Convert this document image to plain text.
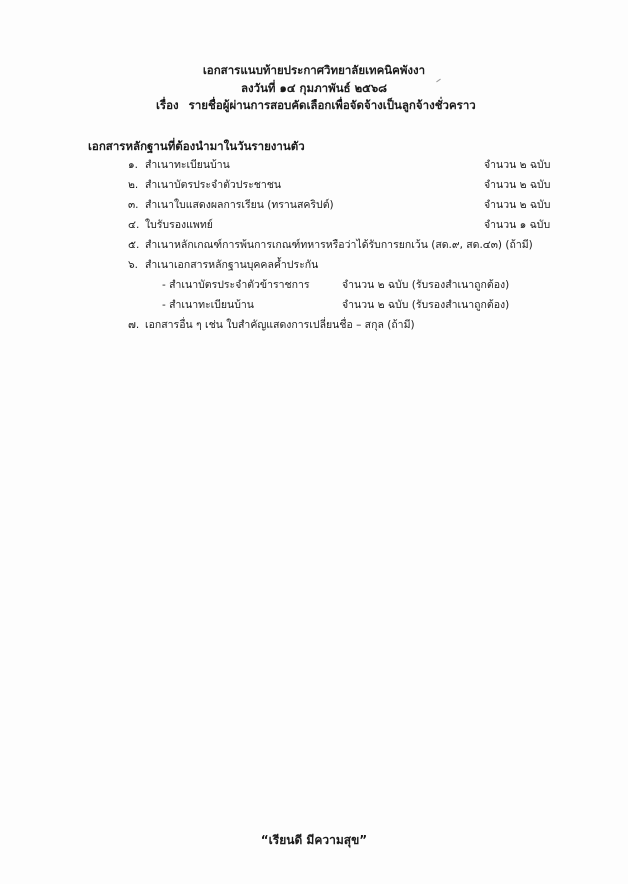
เอกสารแนบท้ายประกาศวิทยาลัยเทคนิคพังงา
ลงวันที่ ๑๔ กุมภาพันธ์ ๒๕๖๘
เรื่อง รายชื่อผู้ผ่านการสอบคัดเลือกเพื่อจัดจ้างเป็นลูกจ้างชั่วคราว
เอกสารหลักฐานที่ต้องนำมาในวันรายงานตัว
๑. สำเนาทะเบียนบ้าน	จำนวน ๒ ฉบับ
๒. สำเนาบัตรประจำตัวประชาชน	จำนวน ๒ ฉบับ
๓. สำเนาใบแสดงผลการเรียน (ทรานสคริปต์)	จำนวน ๒ ฉบับ
๔. ใบรับรองแพทย์	จำนวน ๑ ฉบับ
๕. สำเนาหลักเกณฑ์การพ้นการเกณฑ์ทหารหรือว่าได้รับการยกเว้น (สด.๙, สด.๔๓) (ถ้ามี)
๖. สำเนาเอกสารหลักฐานบุคคลค้ำประกัน
- สำเนาบัตรประจำตัวข้าราชการ	จำนวน ๒ ฉบับ (รับรองสำเนาถูกต้อง)
- สำเนาทะเบียนบ้าน	จำนวน ๒ ฉบับ (รับรองสำเนาถูกต้อง)
๗. เอกสารอื่น ๆ เช่น ใบสำคัญแสดงการเปลี่ยนชื่อ – สกุล (ถ้ามี)
“เรียนดี มีความสุข”
